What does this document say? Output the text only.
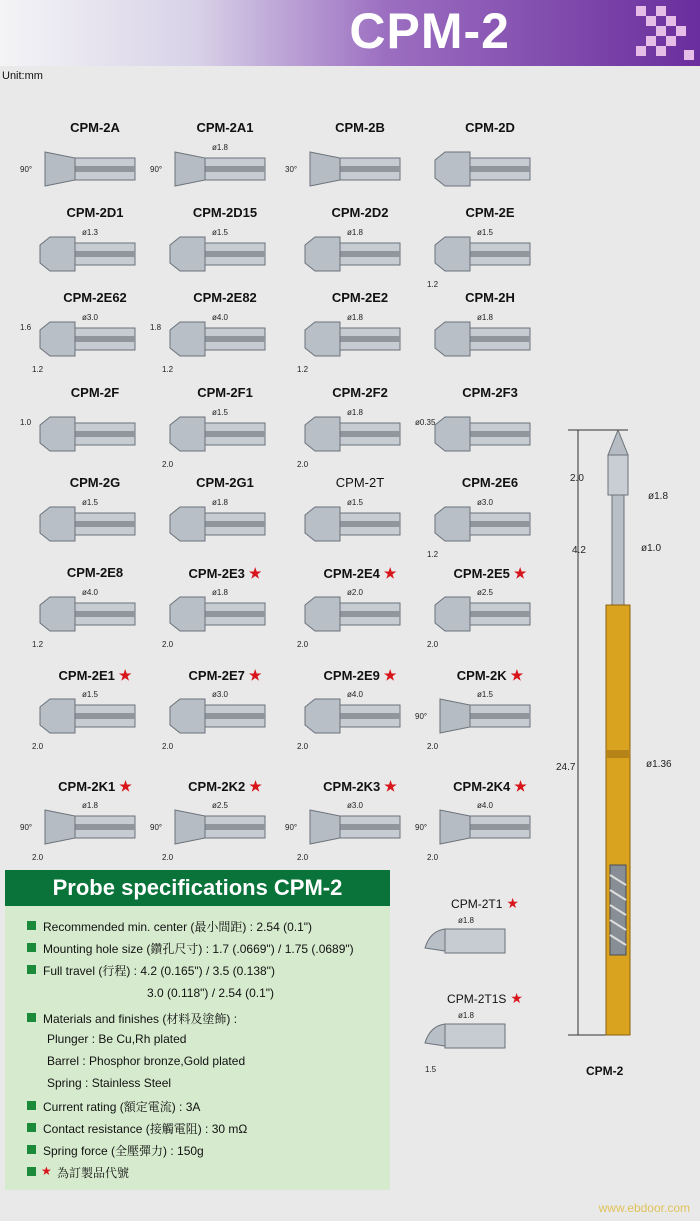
CPM-2
Unit:mm
CPM-2A
90°
CPM-2A1
ø1.8
90°
CPM-2B
30°
CPM-2D
CPM-2D1
ø1.3
CPM-2D15
ø1.5
CPM-2D2
ø1.8
CPM-2E
ø1.5
1.2
CPM-2E62
ø3.0
1.2
1.6
CPM-2E82
ø4.0
1.2
1.8
CPM-2E2
ø1.8
1.2
CPM-2H
ø1.8
CPM-2F
1.0
CPM-2F1
ø1.5
2.0
CPM-2F2
ø1.8
2.0
CPM-2F3
ø0.35
CPM-2G
ø1.5
CPM-2G1
ø1.8
CPM-2T
ø1.5
CPM-2E6
ø3.0
1.2
CPM-2E8
ø4.0
1.2
CPM-2E3 ★
ø1.8
2.0
CPM-2E4 ★
ø2.0
2.0
CPM-2E5 ★
ø2.5
2.0
CPM-2E1 ★
ø1.5
2.0
CPM-2E7 ★
ø3.0
2.0
CPM-2E9 ★
ø4.0
2.0
CPM-2K ★
ø1.5
90°
2.0
CPM-2K1 ★
ø1.8
90°
2.0
CPM-2K2 ★
ø2.5
90°
2.0
CPM-2K3 ★
ø3.0
90°
2.0
CPM-2K4 ★
ø4.0
90°
2.0
CPM-2T1 ★
ø1.8
CPM-2T1S ★
ø1.8
1.5
24.7
2.0
4.2
ø1.8
ø1.0
ø1.36
CPM-2
Probe specifications CPM-2
Recommended min. center (最小間距) : 2.54 (0.1")
Mounting hole size (鑽孔尺寸) : 1.7 (.0669") / 1.75 (.0689")
Full travel (行程) : 4.2 (0.165") / 3.5 (0.138")
3.0 (0.118") / 2.54 (0.1")
Materials and finishes (材料及塗飾) :
Plunger : Be Cu,Rh plated
Barrel : Phosphor bronze,Gold plated
Spring : Stainless Steel
Current rating (額定電流) : 3A
Contact resistance (接觸電阻) : 30 mΩ
Spring force (全壓彈力) : 150g
★ 為訂製品代號
www.ebdoor.com
